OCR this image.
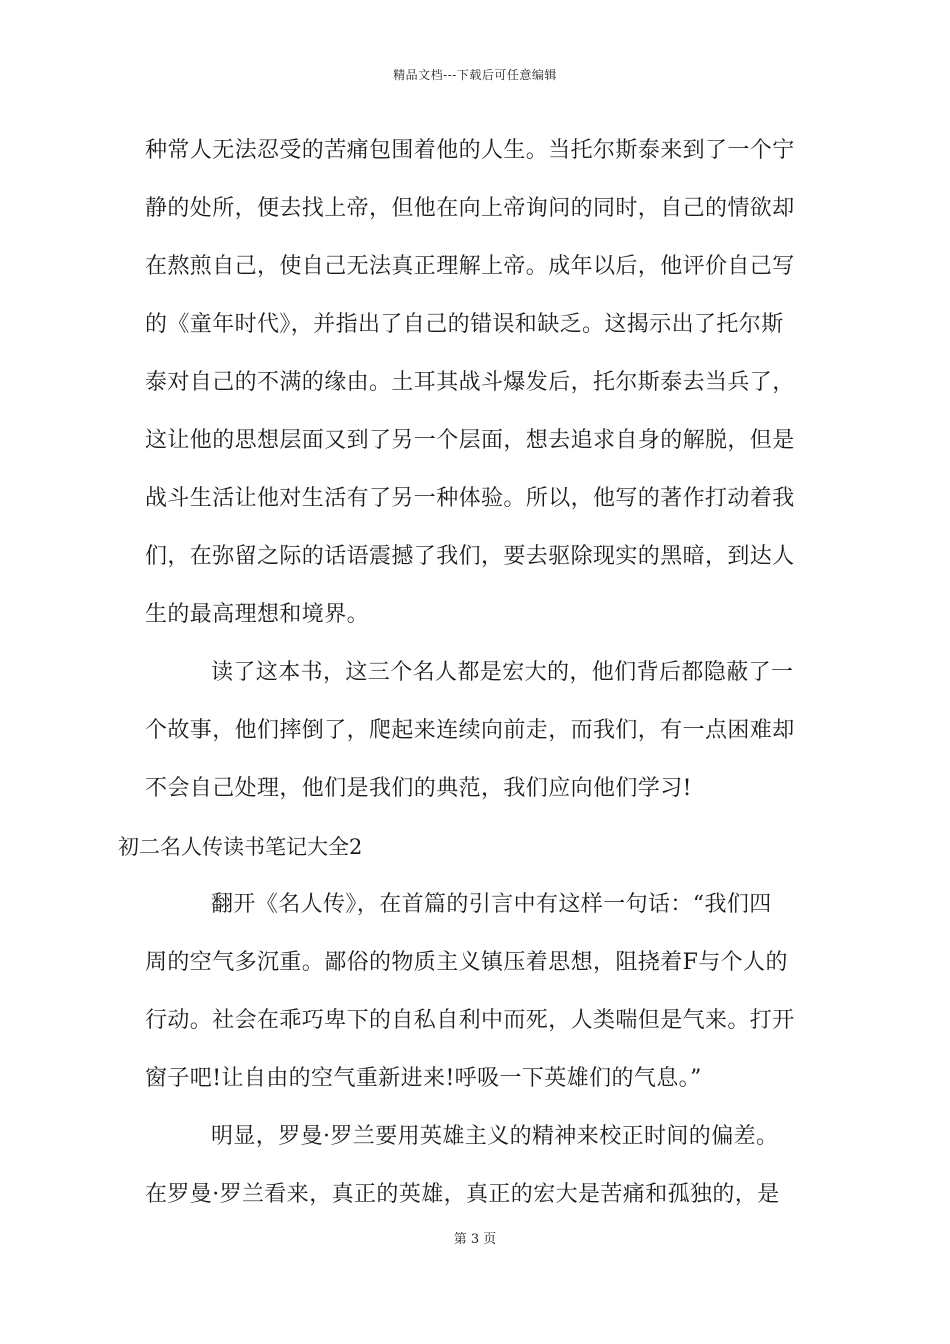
精品文档---下载后可任意编辑
种常人无法忍受的苦痛包围着他的人生。当托尔斯泰来到了一个宁
静的处所，便去找上帝，但他在向上帝询问的同时，自己的情欲却
在熬煎自己，使自己无法真正理解上帝。成年以后，他评价自己写
的《童年时代》，并指出了自己的错误和缺乏。这揭示出了托尔斯
泰对自己的不满的缘由。土耳其战斗爆发后，托尔斯泰去当兵了，
这让他的思想层面又到了另一个层面，想去追求自身的解脱，但是
战斗生活让他对生活有了另一种体验。所以，他写的著作打动着我
们，在弥留之际的话语震撼了我们，要去驱除现实的黑暗，到达人
生的最高理想和境界。
读了这本书，这三个名人都是宏大的，他们背后都隐蔽了一
个故事，他们摔倒了，爬起来连续向前走，而我们，有一点困难却
不会自己处理，他们是我们的典范，我们应向他们学习!
初二名人传读书笔记大全2
翻开《名人传》，在首篇的引言中有这样一句话：“我们四
周的空气多沉重。鄙俗的物质主义镇压着思想，阻挠着F与个人的
行动。社会在乖巧卑下的自私自利中而死，人类喘但是气来。打开
窗子吧!让自由的空气重新进来!呼吸一下英雄们的气息。”
明显，罗曼·罗兰要用英雄主义的精神来校正时间的偏差。
在罗曼·罗兰看来，真正的英雄，真正的宏大是苦痛和孤独的，是
第 3 页
